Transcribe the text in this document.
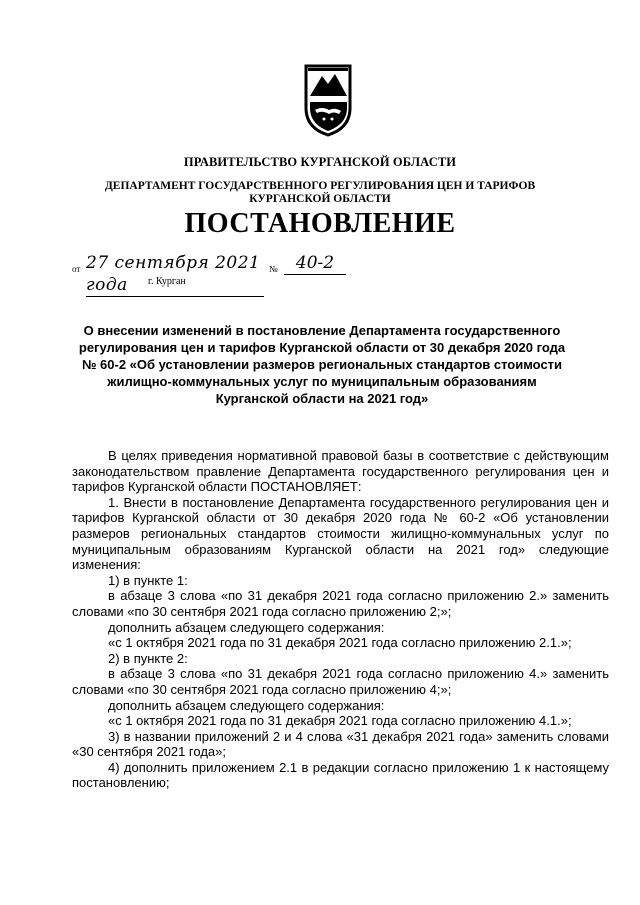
ПРАВИТЕЛЬСТВО КУРГАНСКОЙ ОБЛАСТИ
ДЕПАРТАМЕНТ ГОСУДАРСТВЕННОГО РЕГУЛИРОВАНИЯ ЦЕН И ТАРИФОВ
КУРГАНСКОЙ ОБЛАСТИ
ПОСТАНОВЛЕНИЕ
от 27 сентября 2021 года
№	40-2
г. Курган
О внесении изменений в постановление Департамента государственного регулирования цен и тарифов Курганской области от 30 декабря 2020 года № 60-2 «Об установлении размеров региональных стандартов стоимости жилищно-коммунальных услуг по муниципальным образованиям Курганской области на 2021 год»

В целях приведения нормативной правовой базы в соответствие с действующим законодательством правление Департамента государственного регулирования цен и тарифов Курганской области ПОСТАНОВЛЯЕТ:

1. Внести в постановление Департамента государственного регулирования цен и тарифов Курганской области от 30 декабря 2020 года № 60-2 «Об установлении размеров региональных стандартов стоимости жилищно-коммунальных услуг по муниципальным образованиям Курганской области на 2021 год» следующие изменения:

1) в пункте 1:

в абзаце 3 слова «по 31 декабря 2021 года согласно приложению 2.» заменить словами «по 30 сентября 2021 года согласно приложению 2;»;

дополнить абзацем следующего содержания:

«с 1 октября 2021 года по 31 декабря 2021 года согласно приложению 2.1.»;

2) в пункте 2:

в абзаце 3 слова «по 31 декабря 2021 года согласно приложению 4.» заменить словами «по 30 сентября 2021 года согласно приложению 4;»;

дополнить абзацем следующего содержания:

«с 1 октября 2021 года по 31 декабря 2021 года согласно приложению 4.1.»;

3) в названии приложений 2 и 4 слова «31 декабря 2021 года» заменить словами «30 сентября 2021 года»;

4) дополнить приложением 2.1 в редакции согласно приложению 1 к настоящему постановлению;
